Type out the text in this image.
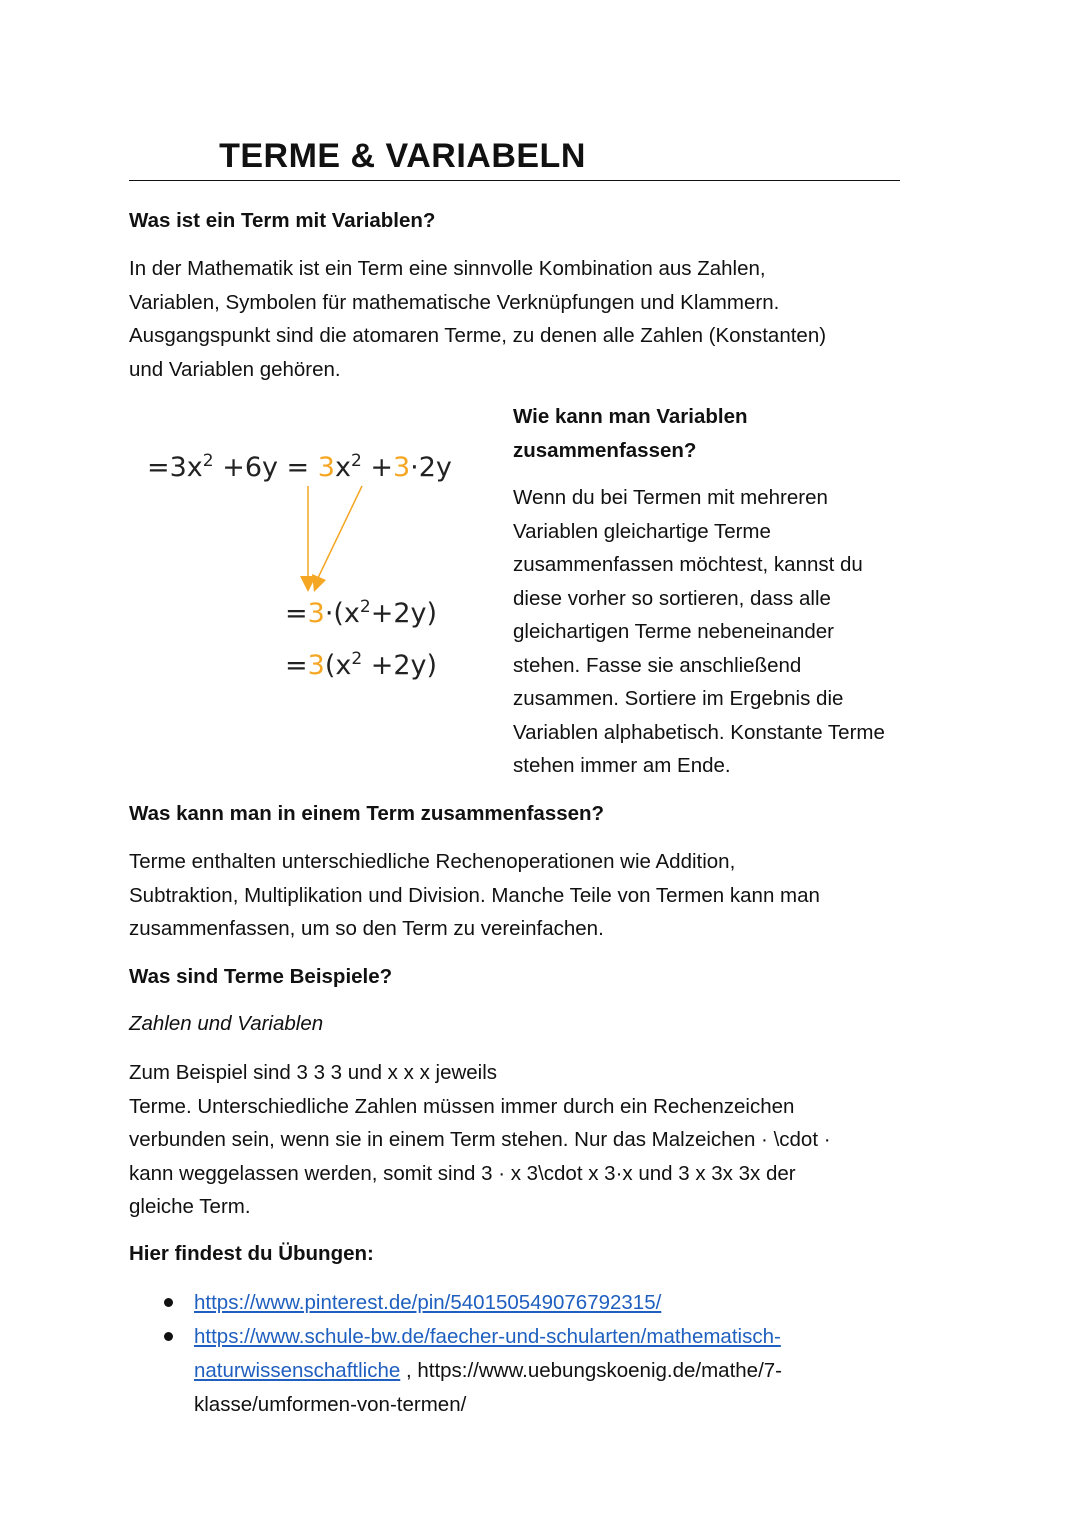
TERME & VARIABELN
Was ist ein Term mit Variablen?
In der Mathematik ist ein Term eine sinnvolle Kombination aus Zahlen,
Variablen, Symbolen für mathematische Verknüpfungen und Klammern.
Ausgangspunkt sind die atomaren Terme, zu denen alle Zahlen (Konstanten)
und Variablen gehören.
$=3x^2 +6y = 3x^2 +3\cdot 2y$
$=3\cdot(x^2+2y)$
$=3(x^2 +2y)$
Wie kann man Variablen
zusammenfassen?
Wenn du bei Termen mit mehreren
Variablen gleichartige Terme
zusammenfassen möchtest, kannst du
diese vorher so sortieren, dass alle
gleichartigen Terme nebeneinander
stehen. Fasse sie anschließend
zusammen. Sortiere im Ergebnis die
Variablen alphabetisch. Konstante Terme
stehen immer am Ende.
Was kann man in einem Term zusammenfassen?
Terme enthalten unterschiedliche Rechenoperationen wie Addition,
Subtraktion, Multiplikation und Division. Manche Teile von Termen kann man
zusammenfassen, um so den Term zu vereinfachen.
Was sind Terme Beispiele?
Zahlen und Variablen
Zum Beispiel sind 3 3 3 und x x x jeweils
Terme. Unterschiedliche Zahlen müssen immer durch ein Rechenzeichen
verbunden sein, wenn sie in einem Term stehen. Nur das Malzeichen · \cdot ·
kann weggelassen werden, somit sind 3 · x 3\cdot x 3·x und 3 x 3x 3x der
gleiche Term.
Hier findest du Übungen:
https://www.pinterest.de/pin/540150549076792315/
https://www.schule-bw.de/faecher-und-schularten/mathematisch-
naturwissenschaftliche , https://www.uebungskoenig.de/mathe/7-
klasse/umformen-von-termen/
